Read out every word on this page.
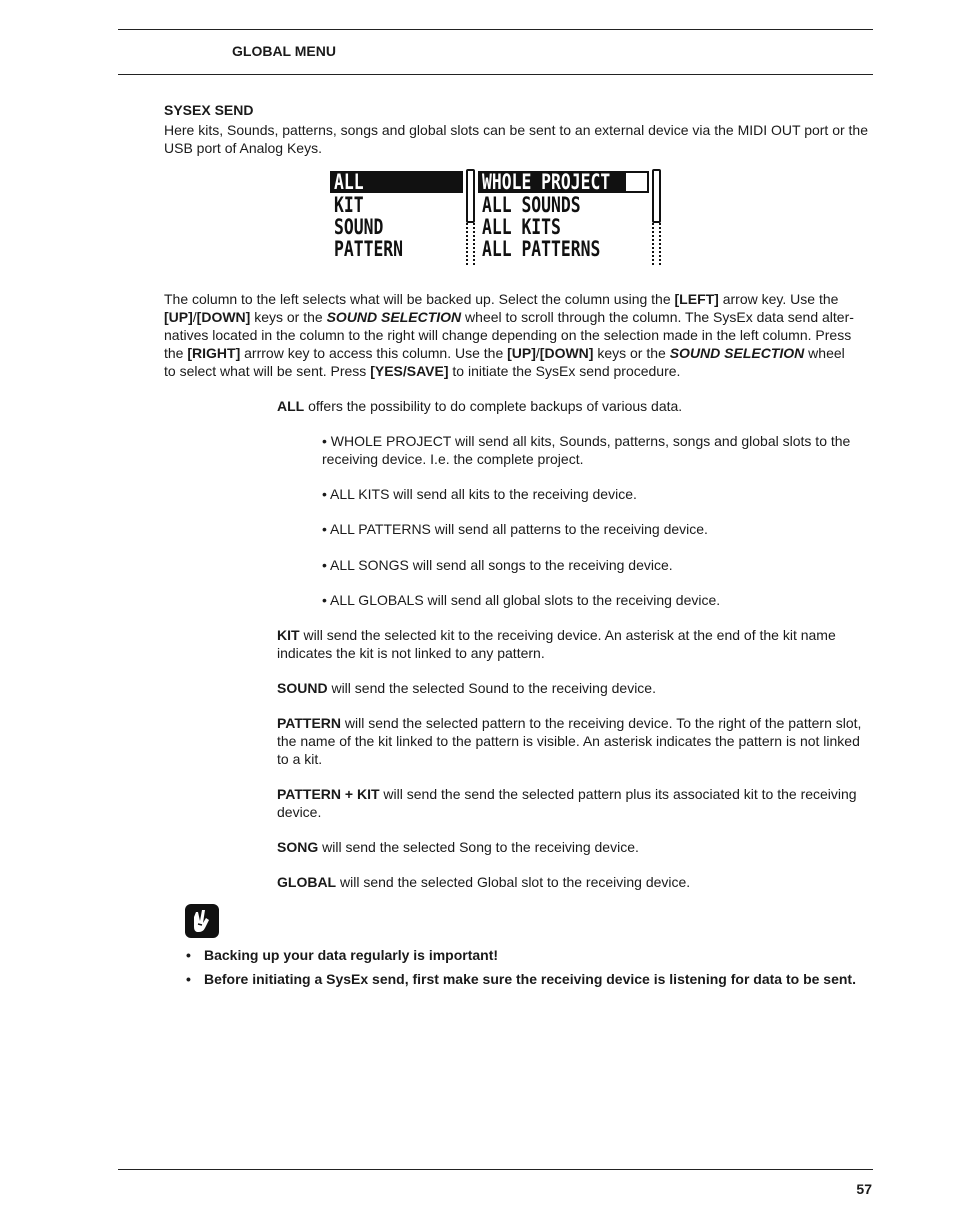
GLOBAL MENU
SYSEX SEND

Here kits, Sounds, patterns, songs and global slots can be sent to an external device via the MIDI OUT port or the USB port of Analog Keys.

ALL
KIT
SOUND
PATTERN
WHOLE PROJECT
ALL SOUNDS
ALL KITS
ALL PATTERNS
The column to the left selects what will be backed up. Select the column using the [LEFT] arrow key. Use the
[UP]/[DOWN] keys or the SOUND SELECTION wheel to scroll through the column. The SysEx data send alter-
natives located in the column to the right will change depending on the selection made in the left column. Press
the [RIGHT] arrrow key to access this column. Use the [UP]/[DOWN] keys or the SOUND SELECTION wheel
to select what will be sent. Press [YES/SAVE] to initiate the SysEx send procedure.
ALL offers the possibility to do complete backups of various data.
• WHOLE PROJECT will send all kits, Sounds, patterns, songs and global slots to the
receiving device. I.e. the complete project.
• ALL KITS will send all kits to the receiving device.
• ALL PATTERNS will send all patterns to the receiving device.
• ALL SONGS will send all songs to the receiving device.
• ALL GLOBALS will send all global slots to the receiving device.
KIT will send the selected kit to the receiving device. An asterisk at the end of the kit name
indicates the kit is not linked to any pattern.
SOUND will send the selected Sound to the receiving device.
PATTERN will send the selected pattern to the receiving device. To the right of the pattern slot,
the name of the kit linked to the pattern is visible. An asterisk indicates the pattern is not linked
to a kit.
PATTERN + KIT will send the send the selected pattern plus its associated kit to the receiving
device.
SONG will send the selected Song to the receiving device.
GLOBAL will send the selected Global slot to the receiving device.
• Backing up your data regularly is important!
• Before initiating a SysEx send, first make sure the receiving device is listening for data to be sent.
57
